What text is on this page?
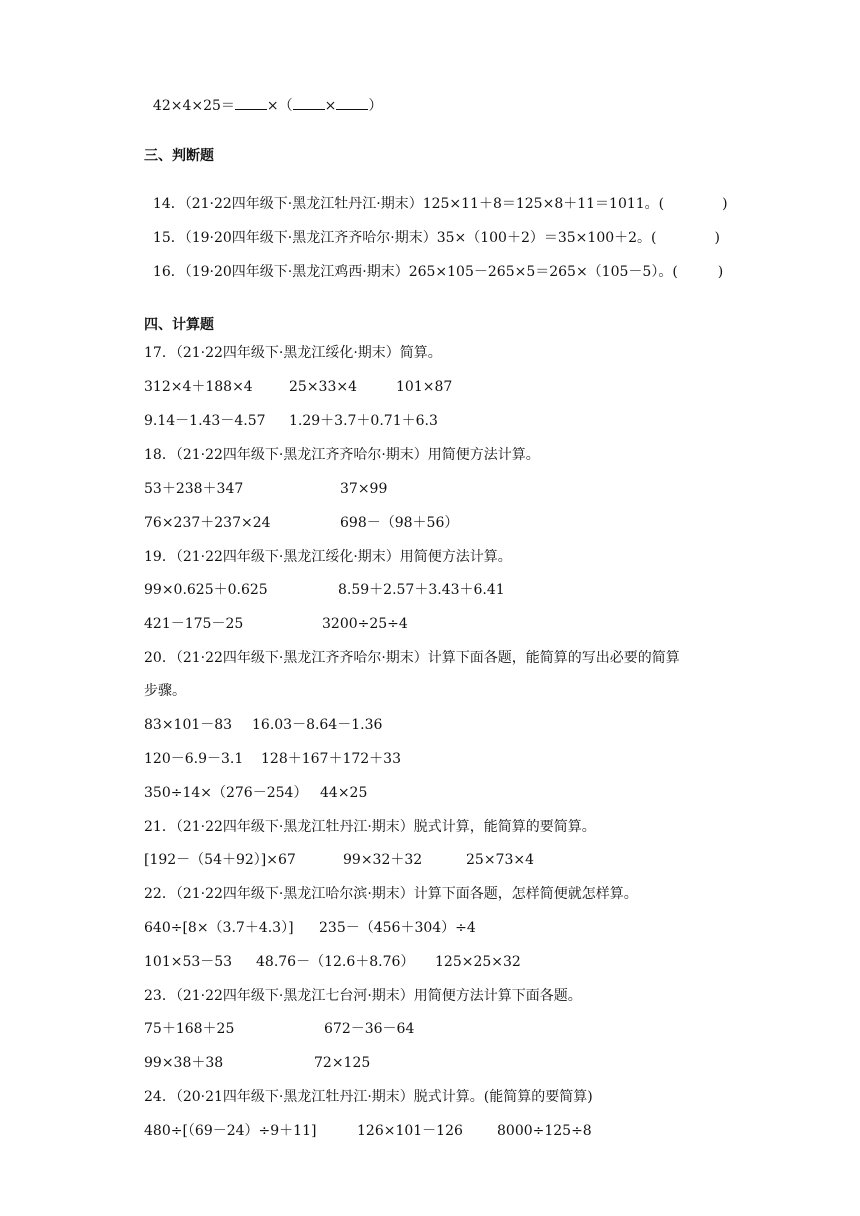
42×4×25＝ ×（ × ）

三、判断题

14．（21·22四年级下·黑龙江牡丹江·期末）125×11＋8＝125×8＋11＝1011。(	)

15．（19·20四年级下·黑龙江齐齐哈尔·期末）35×（100＋2）＝35×100＋2。(	)

16．（19·20四年级下·黑龙江鸡西·期末）265×105－265×5＝265×（105－5）。(	)

四、计算题
17．（21·22四年级下·黑龙江绥化·期末）简算。
312×4＋188×4	25×33×4	101×87
9.14－1.43－4.57 1.29＋3.7＋0.71＋6.3
18．（21·22四年级下·黑龙江齐齐哈尔·期末）用简便方法计算。
53＋238＋347	37×99
76×237＋237×24	698－（98＋56）
19．（21·22四年级下·黑龙江绥化·期末）用简便方法计算。
99×0.625＋0.625	8.59＋2.57＋3.43＋6.41
421－175－25	3200÷25÷4
20．（21·22四年级下·黑龙江齐齐哈尔·期末）计算下面各题，能简算的写出必要的简算
步骤。
83×101－83 16.03－8.64－1.36
120－6.9－3.1 128＋167＋172＋33
350÷14×（276－254） 44×25
21．（21·22四年级下·黑龙江牡丹江·期末）脱式计算，能简算的要简算。
[192－（54＋92）]×67	99×32＋32	25×73×4
22．（21·22四年级下·黑龙江哈尔滨·期末）计算下面各题，怎样简便就怎样算。
640÷[8×（3.7＋4.3）] 235－（456＋304）÷4
101×53－53 48.76－（12.6＋8.76） 125×25×32
23．（21·22四年级下·黑龙江七台河·期末）用简便方法计算下面各题。
75＋168＋25	672－36－64
99×38＋38	72×125
24．（20·21四年级下·黑龙江牡丹江·期末）脱式计算。(能简算的要简算)
480÷[（69－24）÷9＋11]	126×101－126 8000÷125÷8
